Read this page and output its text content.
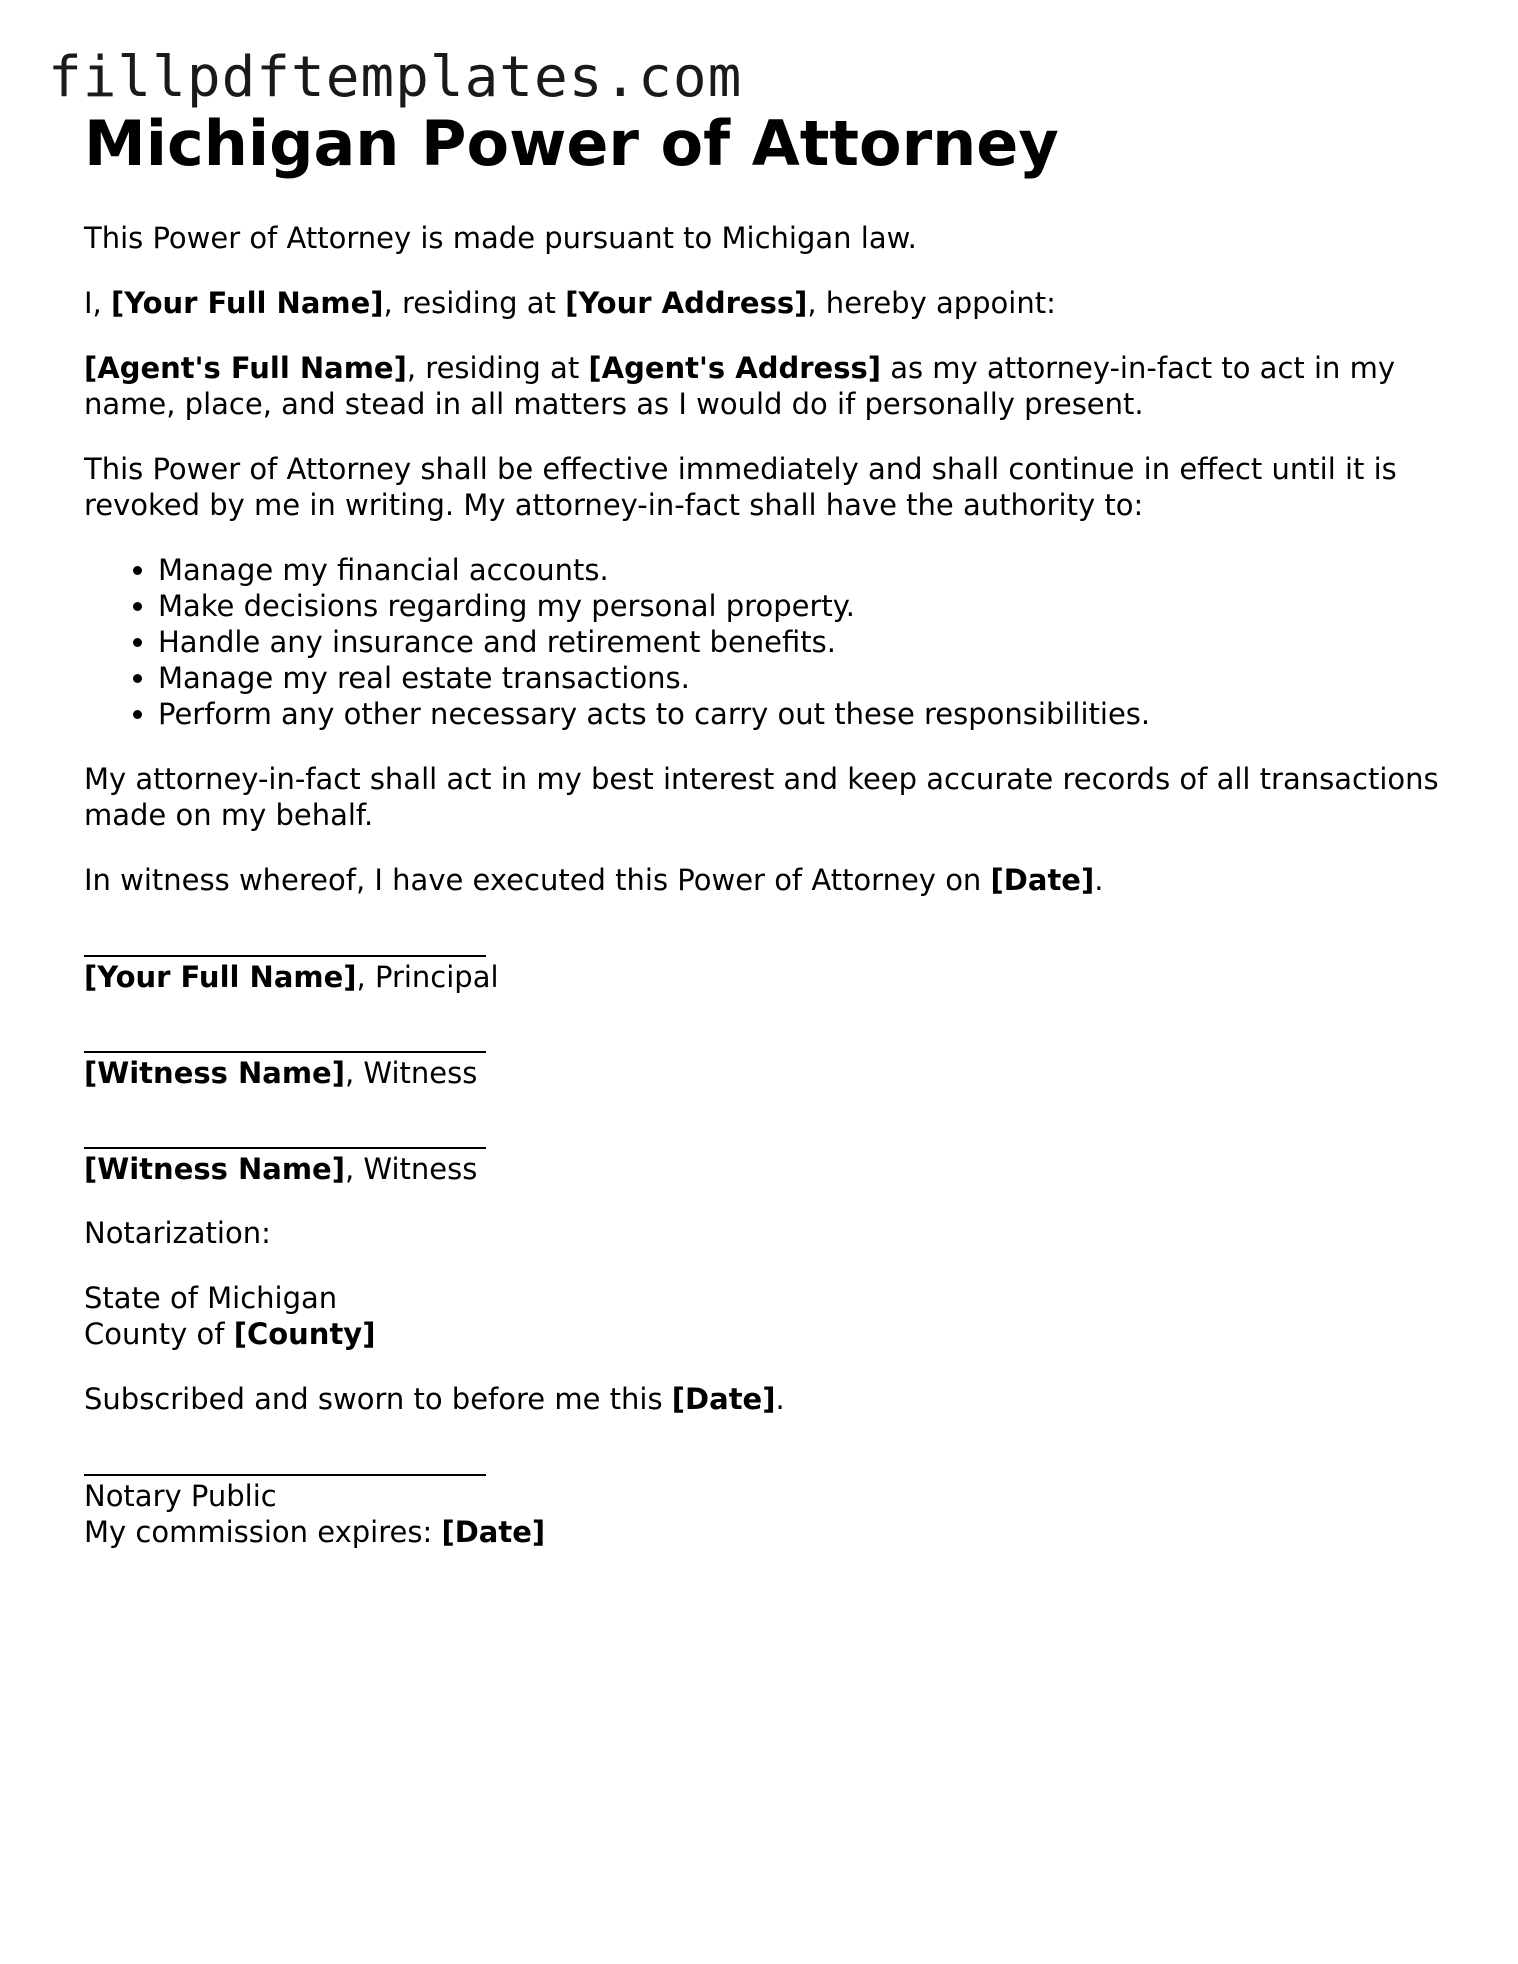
fillpdftemplates.com
Michigan Power of Attorney

This Power of Attorney is made pursuant to Michigan law.

I, [Your Full Name], residing at [Your Address], hereby appoint:

[Agent's Full Name], residing at [Agent's Address] as my attorney-in-fact to act in my name, place, and stead in all matters as I would do if personally present.

This Power of Attorney shall be effective immediately and shall continue in effect until it is revoked by me in writing. My attorney-in-fact shall have the authority to:

• Manage my financial accounts.
• Make decisions regarding my personal property.
• Handle any insurance and retirement benefits.
• Manage my real estate transactions.
• Perform any other necessary acts to carry out these responsibilities.

My attorney-in-fact shall act in my best interest and keep accurate records of all transactions made on my behalf.

In witness whereof, I have executed this Power of Attorney on [Date].

[Your Full Name], Principal
[Witness Name], Witness
[Witness Name], Witness

Notarization:

State of Michigan
County of [County]

Subscribed and sworn to before me this [Date].

Notary Public
My commission expires: [Date]
